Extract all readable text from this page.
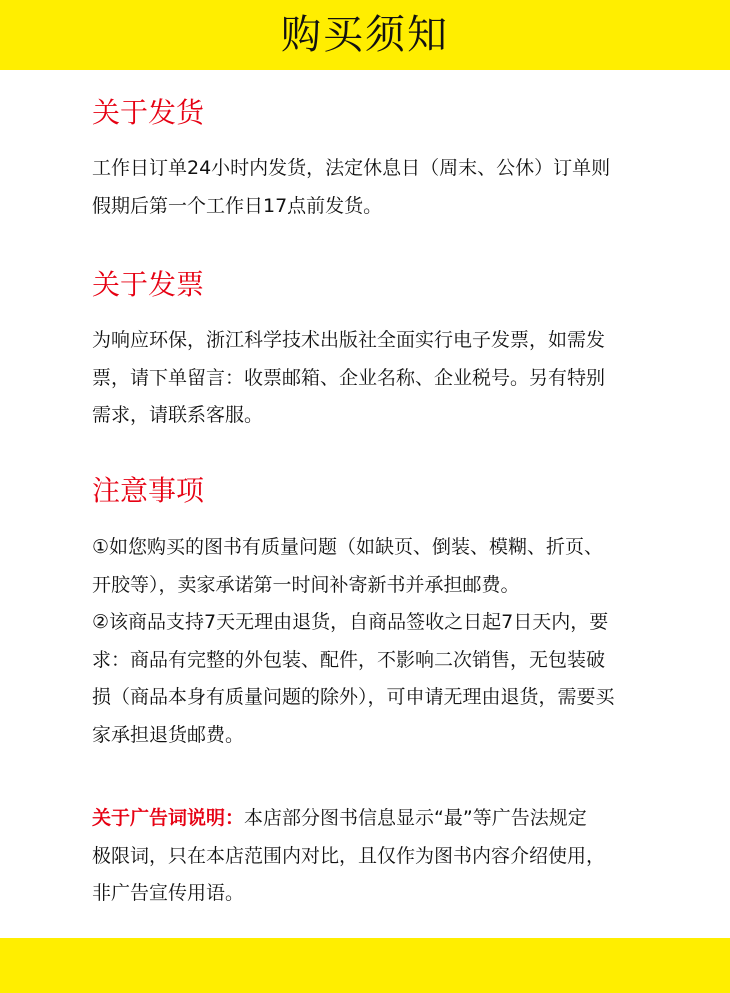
购买须知
关于发货
工作日订单24小时内发货，法定休息日（周末、公休）订单则
假期后第一个工作日17点前发货。
关于发票
为响应环保，浙江科学技术出版社全面实行电子发票，如需发
票，请下单留言：收票邮箱、企业名称、企业税号。另有特别
需求，请联系客服。
注意事项
①如您购买的图书有质量问题（如缺页、倒装、模糊、折页、
开胶等），卖家承诺第一时间补寄新书并承担邮费。
②该商品支持7天无理由退货，自商品签收之日起7日天内，要
求：商品有完整的外包装、配件，不影响二次销售，无包装破
损（商品本身有质量问题的除外），可申请无理由退货，需要买
家承担退货邮费。
关于广告词说明：本店部分图书信息显示“最”等广告法规定
极限词，只在本店范围内对比，且仅作为图书内容介绍使用，
非广告宣传用语。
